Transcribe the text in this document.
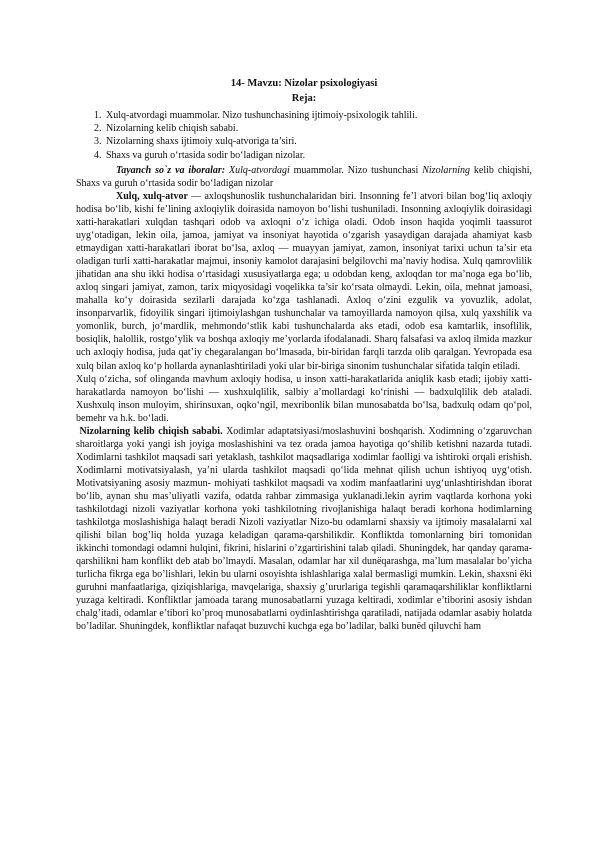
14- Mavzu: Nizolar psixologiyasi
Reja:
1. Xulq-atvordagi muammolar. Nizo tushunchasining ijtimoiy-psixologik tahlili.
2. Nizolarning kelib chiqish sababi.
3. Nizolarning shaxs ijtimoiy xulq-atvoriga ta’siri.
4. Shaxs va guruh o‘rtasida sodir bo‘ladigan nizolar.

Tayanch so`z va iboralar: Xulq-atvordagi muammolar. Nizo tushunchasi Nizolarning kelib chiqishi, Shaxs va guruh o‘rtasida sodir bo‘ladigan nizolar

Xulq, xulq-atvor — axloqshunoslik tushunchalaridan biri. Insonning fe’l atvori bilan bog‘liq axloqiy hodisa bo‘lib, kishi fe’lining axloqiylik doirasida namoyon bo‘lishi tushuniladi. Insonning axloqiylik doirasidagi xatti-harakatlari xulqdan tashqari odob va axloqni o‘z ichiga oladi. Odob inson haqida yoqimli taassurot uyg‘otadigan, lekin oila, jamoa, jamiyat va insoniyat hayotida o‘zgarish yasaydigan darajada ahamiyat kasb etmaydigan xatti-harakatlari iborat bo‘lsa, axloq — muayyan jamiyat, zamon, insoniyat tarixi uchun ta’sir eta oladigan turli xatti-harakatlar majmui, insoniy kamolot darajasini belgilovchi ma’naviy hodisa. Xulq qamrovlilik jihatidan ana shu ikki hodisa o‘rtasidagi xususiyatlarga ega; u odobdan keng, axloqdan tor ma’noga ega bo‘lib, axloq singari jamiyat, zamon, tarix miqyosidagi voqelikka ta’sir ko‘rsata olmaydi. Lekin, oila, mehnat jamoasi, mahalla ko‘y doirasida sezilarli darajada ko‘zga tashlanadi. Axloq o‘zini ezgulik va yovuzlik, adolat, insonparvarlik, fidoyilik singari ijtimoiylashgan tushunchalar va tamoyillarda namoyon qilsa, xulq yaxshilik va yomonlik, burch, jo‘mardlik, mehmondo‘stlik kabi tushunchalarda aks etadi, odob esa kamtarlik, insoflilik, bosiqlik, halollik, rostgo‘ylik va boshqa axloqiy me’yorlarda ifodalanadi. Sharq falsafasi va axloq ilmida mazkur uch axloqiy hodisa, juda qat’iy chegaralangan bo‘lmasada, bir-biridan farqli tarzda olib qaralgan. Yevropada esa xulq bilan axloq ko‘p hollarda aynanlashtiriladi yoki ular bir-biriga sinonim tushunchalar sifatida talqin etiladi.

Xulq o‘zicha, sof olinganda mavhum axloqiy hodisa, u inson xatti-harakatlarida aniqlik kasb etadi; ijobiy xatti-harakatlarda namoyon bo‘lishi — xushxulqlilik, salbiy a’mollardagi ko‘rinishi — badxulqlilik deb ataladi. Xushxulq inson muloyim, shirinsuxan, oqko‘ngil, mexribonlik bilan munosabatda bo‘lsa, badxulq odam qo‘pol, bemehr va h.k. bo‘ladi.

Nizolarning kelib chiqish sababi. Xodimlar adaptatsiyasi/moslashuvini boshqarish. Xodimning o‘zgaruvchan sharoitlarga yoki yangi ish joyiga moslashishini va tez orada jamoa hayotiga qo‘shilib ketishni nazarda tutadi. Xodimlarni tashkilot maqsadi sari yetaklash, tashkilot maqsadlariga xodimlar faolligi va ishtiroki orqali erishish. Xodimlarni motivatsiyalash, ya’ni ularda tashkilot maqsadi qo‘lida mehnat qilish uchun ishtiyoq uyg‘otish. Motivatsiyaning asosiy mazmun- mohiyati tashkilot maqsadi va xodim manfaatlarini uyg‘unlashtirishdan iborat bo‘lib, aynan shu mas’uliyatli vazifa, odatda rahbar zimmasiga yuklanadi.lekin ayrim vaqtlarda korhona yoki tashkilotdagi nizoli vaziyatlar korhona yoki tashkilotning rivojlanishiga halaqt beradi korhona hodimlarning tashkilotga moslashishiga halaqt beradi Nizoli vaziyatlar Nizo-bu odamlarni shaxsiy va ijtimoiy masalalarni xal qilishi bilan bog’liq holda yuzaga keladigan qarama-qarshilikdir. Konfliktda tomonlarning biri tomonidan ikkinchi tomondagi odamni hulqini, fikrini, hislarini o’zgartirishini talab qiladi. Shuningdek, har qanday qarama-qarshilikni ham konflikt deb atab bo’lmaydi. Masalan, odamlar har xil dunёqarashga, ma’lum masalalar bo’yicha turlicha fikrga ega bo’lishlari, lekin bu ularni osoyishta ishlashlariga xalal bermasligi mumkin. Lekin, shaxsni ёki guruhni manfaatlariga, qiziqishlariga, mavqelariga, shaxsiy g’ururlariga tegishli qaramaqarshiliklar konfliktlarni yuzaga keltiradi. Konfliktlar jamoada tarang munosabatlarni yuzaga keltiradi, xodimlar e’tiborini asosiy ishdan chalg’itadi, odamlar e’tibori ko’proq munosabatlarni oydinlashtirishga qaratiladi, natijada odamlar asabiy holatda bo’ladilar. Shuningdek, konfliktlar nafaqat buzuvchi kuchga ega bo’ladilar, balki bunёd qiluvchi ham
